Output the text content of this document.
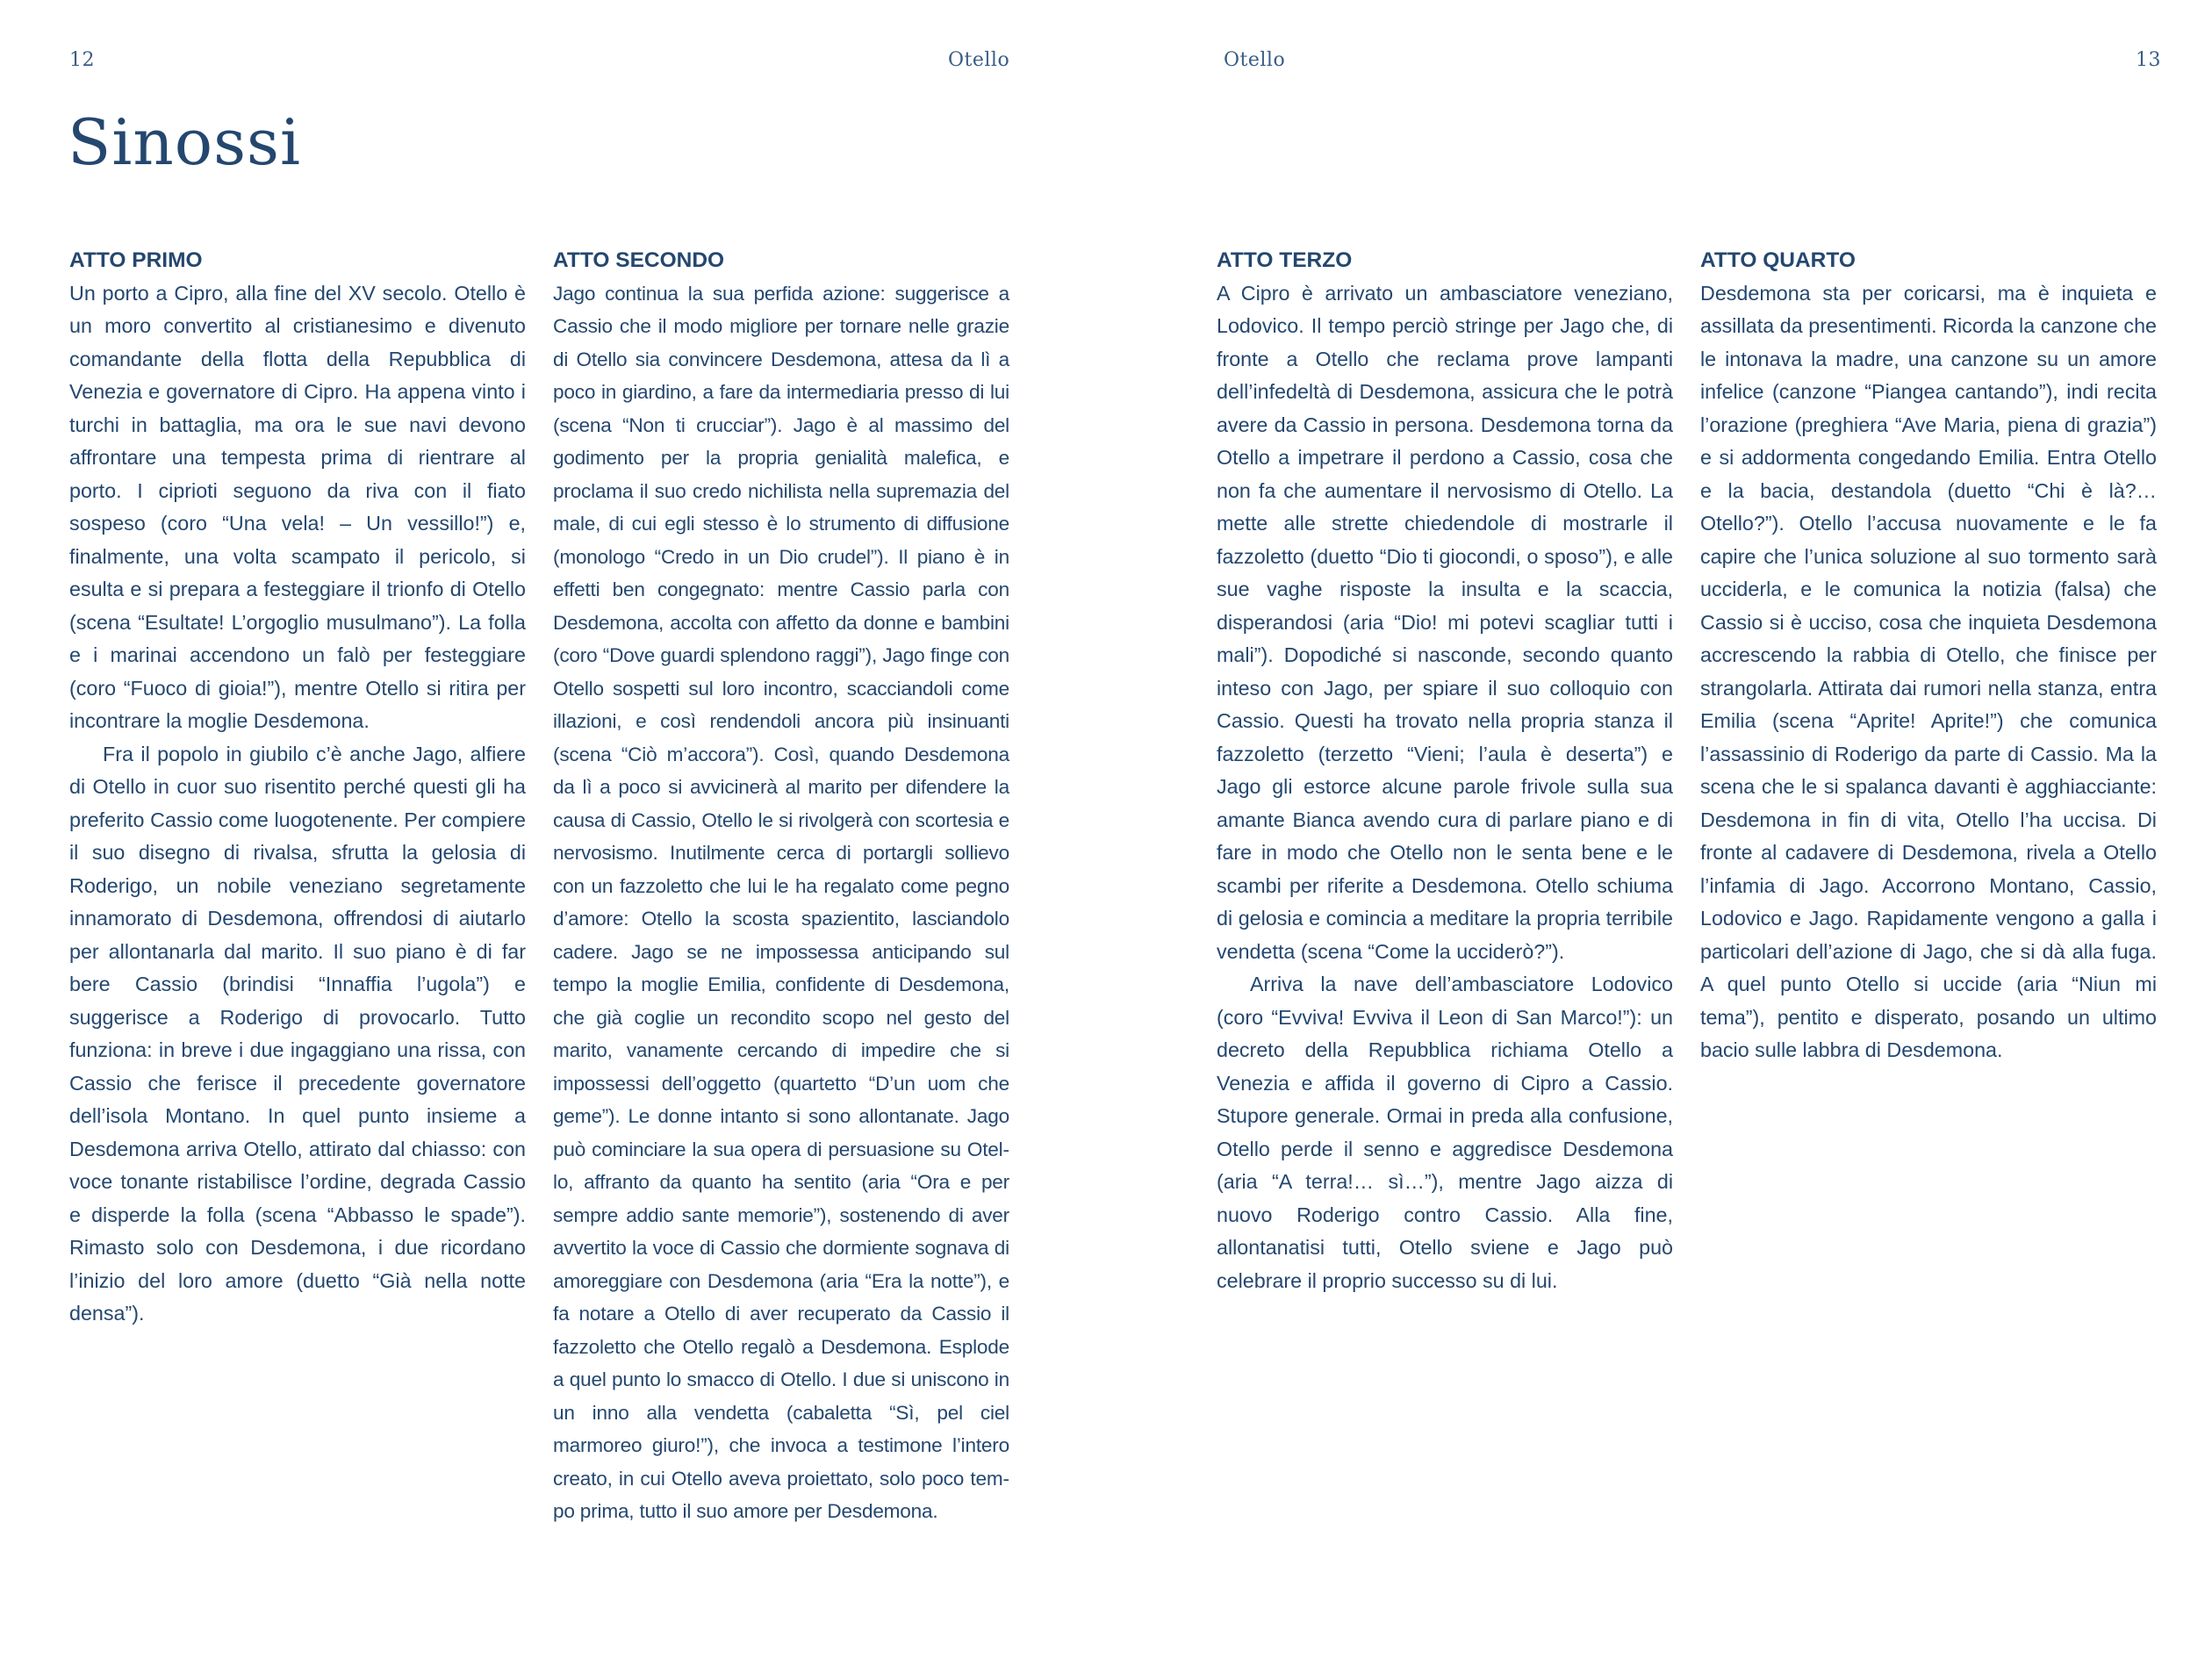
12	Otello
Sinossi
ATTO PRIMO

Un porto a Cipro, alla fine del XV secolo. Otello è un moro convertito al cristianesimo e divenuto comandante della flotta della Repubblica di Venezia e governatore di Cipro. Ha appena vinto i turchi in battaglia, ma ora le sue navi devono affrontare una tempesta prima di rientrare al porto. I ciprioti seguono da riva con il fiato sospeso (coro “Una vela! – Un vessillo!”) e, finalmente, una volta scampato il pericolo, si esulta e si prepara a festeggiare il trionfo di Otello (scena “Esultate! L’orgoglio musulmano”). La folla e i marinai accendono un falò per festeggiare (coro “Fuoco di gioia!”), mentre Otello si ritira per incontrare la moglie Desdemona.

Fra il popolo in giubilo c’è anche Jago, alfiere di Otello in cuor suo risentito perché questi gli ha preferito Cassio come luogotenente. Per compiere il suo disegno di rivalsa, sfrutta la gelosia di Roderigo, un nobile veneziano segretamente innamorato di Desdemona, offrendosi di aiutarlo per allontanarla dal marito. Il suo piano è di far bere Cassio (brindisi “Innaffia l’ugola”) e suggerisce a Roderigo di provocarlo. Tutto funziona: in breve i due ingaggiano una rissa, con Cassio che ferisce il precedente governatore dell’isola Montano. In quel punto insieme a Desdemona arriva Otello, attirato dal chiasso: con voce tonante ristabilisce l’ordine, degrada Cassio e disperde la folla (scena “Abbasso le spade”). Rimasto solo con Desdemona, i due ricordano l’inizio del loro amore (duetto “Già nella notte densa”).

ATTO SECONDO

Jago continua la sua perfida azione: suggerisce a Cassio che il modo migliore per tornare nelle grazie di Otello sia convincere Desdemona, attesa da lì a poco in giardino, a fare da intermediaria presso di lui (scena “Non ti crucciar”). Jago è al massimo del godimento per la propria genialità malefica, e proclama il suo credo nichilista nella supremazia del male, di cui egli stesso è lo strumento di diffusione (monologo “Credo in un Dio crudel”). Il piano è in effetti ben congegnato: mentre Cassio parla con Desdemona, accolta con affetto da donne e bambini (coro “Dove guardi splendono raggi”), Jago finge con Otello sospetti sul loro incontro, scacciandoli come illazioni, e così rendendoli ancora più insinuanti (scena “Ciò m’accora”). Così, quando Desdemona da lì a poco si avvicinerà al marito per difendere la causa di Cassio, Otello le si rivolgerà con scortesia e nervosismo. Inutilmente cerca di portargli sollievo con un fazzoletto che lui le ha regalato come pegno d’amore: Otello la scosta spazientito, lasciandolo cadere. Jago se ne impossessa anticipando sul tempo la moglie Emilia, confidente di Desdemona, che già coglie un recondito scopo nel gesto del marito, vanamente cercando di impedire che si impossessi dell’oggetto (quartetto “D’un uom che geme”). Le donne intanto si sono allontanate. Jago può cominciare la sua opera di persuasione su Otello, affranto da quanto ha sentito (aria “Ora e per sempre addio sante memorie”), sostenendo di aver avvertito la voce di Cassio che dormiente sognava di amoreggiare con Desdemona (aria “Era la notte”), e fa notare a Otello di aver recuperato da Cassio il fazzoletto che Otello regalò a Desdemona. Esplode a quel punto lo smacco di Otello. I due si uniscono in un inno alla vendetta (cabaletta “Sì, pel ciel marmoreo giuro!”), che invoca a testimone l’intero creato, in cui Otello aveva proiettato, solo poco tempo prima, tutto il suo amore per Desdemona.

Otello	13
ATTO TERZO

A Cipro è arrivato un ambasciatore veneziano, Lodovico. Il tempo perciò stringe per Jago che, di fronte a Otello che reclama prove lampanti dell’infedeltà di Desdemona, assicura che le potrà avere da Cassio in persona. Desdemona torna da Otello a impetrare il perdono a Cassio, cosa che non fa che aumentare il nervosismo di Otello. La mette alle strette chiedendole di mostrarle il fazzoletto (duetto “Dio ti giocondi, o sposo”), e alle sue vaghe risposte la insulta e la scaccia, disperandosi (aria “Dio! mi potevi scagliar tutti i mali”). Dopodiché si nasconde, secondo quanto inteso con Jago, per spiare il suo colloquio con Cassio. Questi ha trovato nella propria stanza il fazzoletto (terzetto “Vieni; l’aula è deserta”) e Jago gli estorce alcune parole frivole sulla sua amante Bianca avendo cura di parlare piano e di fare in modo che Otello non le senta bene e le scambi per riferite a Desdemona. Otello schiuma di gelosia e comincia a meditare la propria terribile vendetta (scena “Come la ucciderò?”).

Arriva la nave dell’ambasciatore Lodovico (coro “Evviva! Evviva il Leon di San Marco!”): un decreto della Repubblica richiama Otello a Venezia e affida il governo di Cipro a Cassio. Stupore generale. Ormai in preda alla confusione, Otello perde il senno e aggredisce Desdemona (aria “A terra!… sì…”), mentre Jago aizza di nuovo Roderigo contro Cassio. Alla fine, allontanatisi tutti, Otello sviene e Jago può celebrare il proprio successo su di lui.

ATTO QUARTO

Desdemona sta per coricarsi, ma è inquieta e assillata da presentimenti. Ricorda la canzone che le intonava la madre, una canzone su un amore infelice (canzone “Piangea cantando”), indi recita l’orazione (preghiera “Ave Maria, piena di grazia”) e si addormenta congedando Emilia. Entra Otello e la bacia, destandola (duetto “Chi è là?… Otello?”). Otello l’accusa nuovamente e le fa capire che l’unica soluzione al suo tormento sarà ucciderla, e le comunica la notizia (falsa) che Cassio si è ucciso, cosa che inquieta Desdemona accrescendo la rabbia di Otello, che finisce per strangolarla. Attirata dai rumori nella stanza, entra Emilia (scena “Aprite! Aprite!”) che comunica l’assassinio di Roderigo da parte di Cassio. Ma la scena che le si spalanca davanti è agghiacciante: Desdemona in fin di vita, Otello l’ha uccisa. Di fronte al cadavere di Desdemona, rivela a Otello l’infamia di Jago. Accorrono Montano, Cassio, Lodovico e Jago. Rapidamente vengono a galla i particolari dell’azione di Jago, che si dà alla fuga. A quel punto Otello si uccide (aria “Niun mi tema”), pentito e disperato, posando un ultimo bacio sulle labbra di Desdemona.
